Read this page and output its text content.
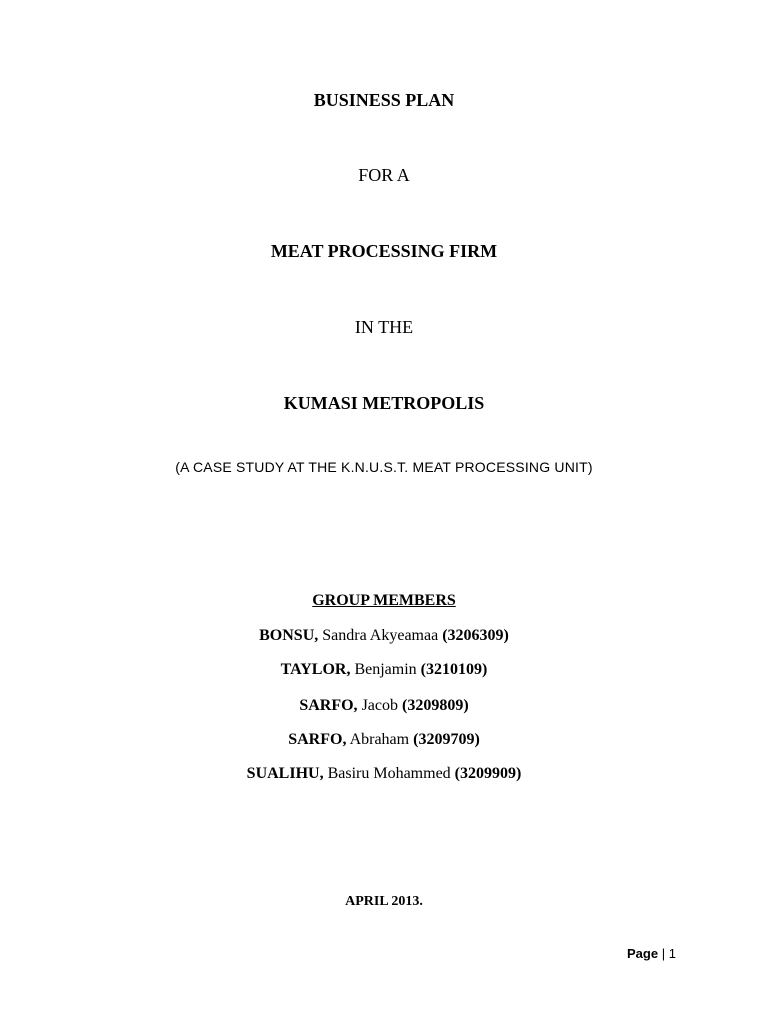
BUSINESS PLAN
FOR A
MEAT PROCESSING FIRM
IN THE
KUMASI METROPOLIS
(A CASE STUDY AT THE K.N.U.S.T. MEAT PROCESSING UNIT)
GROUP MEMBERS
BONSU, Sandra Akyeamaa (3206309)
TAYLOR, Benjamin (3210109)
SARFO, Jacob (3209809)
SARFO, Abraham (3209709)
SUALIHU, Basiru Mohammed (3209909)
APRIL 2013.
Page | 1
